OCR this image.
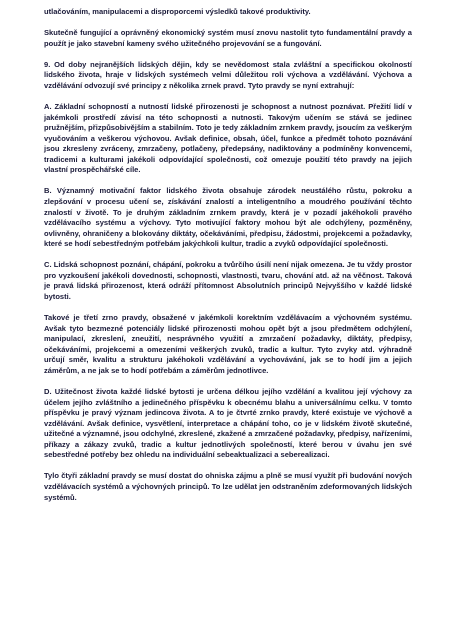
utlačováním, manipulacemi a disproporcemi výsledků takové produktivity.

Skutečně fungující a oprávněný ekonomický systém musí znovu nastolit tyto fundamentální pravdy a použít je jako stavební kameny svého užitečného projevování se a fungování.

9. Od doby nejranějších lidských dějin, kdy se nevědomost stala zvláštní a specifickou okolností lidského života, hraje v lidských systémech velmi důležitou roli výchova a vzdělávání. Výchova a vzdělávání odvozují své principy z několika zrnek pravd. Tyto pravdy se nyní extrahují:

A. Základní schopností a nutností lidské přirozenosti je schopnost a nutnost poznávat. Přežití lidí v jakémkoli prostředí závisí na této schopnosti a nutnosti. Takovým učením se stává se jedinec pružnějším, přizpůsobivějším a stabilním. Toto je tedy základním zrnkem pravdy, jsoucím za veškerým vyučováním a veškerou výchovou. Avšak definice, obsah, účel, funkce a předmět tohoto poznávání jsou zkresleny zvráceny, zmrzačeny, potlačeny, předepsány, nadiktovány a podmíněny konvencemi, tradicemi a kulturami jakékoli odpovídající společnosti, což omezuje použití této pravdy na jejich vlastní prospěchářské cíle.

B. Významný motivační faktor lidského života obsahuje zárodek neustálého růstu, pokroku a zlepšování v procesu učení se, získávání znalostí a inteligentního a moudrého používání těchto znalostí v životě. To je druhým základním zrnkem pravdy, která je v pozadí jakéhokoli pravého vzdělávacího systému a výchovy. Tyto motivující faktory mohou být ale odchýleny, pozměněny, ovlivněny, ohraničeny a blokovány diktáty, očekáváními, předpisu, žádostmi, projekcemi a požadavky, které se hodí sebestředným potřebám jakýchkoli kultur, tradic a zvyků odpovídající společnosti.

C. Lidská schopnost poznání, chápání, pokroku a tvůrčího úsilí není nijak omezena. Je tu vždy prostor pro vyzkoušení jakékoli dovednosti, schopnosti, vlastnosti, tvaru, chování atd. až na věčnost. Taková je pravá lidská přirozenost, která odráží přítomnost Absolutních principů Nejvyššího v každé lidské bytosti.

Takové je třetí zrno pravdy, obsažené v jakémkoli korektním vzdělávacím a výchovném systému. Avšak tyto bezmezné potenciály lidské přirozenosti mohou opět být a jsou předmětem odchýlení, manipulací, zkreslení, zneužití, nesprávného využití a zmrzačení požadavky, diktáty, předpisy, očekáváními, projekcemi a omezeními veškerých zvuků, tradic a kultur. Tyto zvyky atd. výhradně určují směr, kvalitu a strukturu jakéhokoli vzdělávání a vychovávání, jak se to hodí jim a jejich záměrům, a ne jak se to hodí potřebám a záměrům jednotlivce.

D. Užitečnost života každé lidské bytosti je určena délkou jejího vzdělání a kvalitou její výchovy za účelem jejího zvláštního a jedinečného příspěvku k obecnému blahu a universálnímu celku. V tomto příspěvku je pravý význam jedincova života. A to je čtvrté zrnko pravdy, které existuje ve výchově a vzdělávání. Avšak definice, vysvětlení, interpretace a chápání toho, co je v lidském životě skutečné, užitečné a významné, jsou odchylné, zkreslené, zkažené a zmrzačené požadavky, předpisy, nařízeními, příkazy a zákazy zvuků, tradic a kultur jednotlivých společností, které berou v úvahu jen své sebestředné potřeby bez ohledu na individuální sebeaktualizaci a seberealizaci.

Tylo čtyři základní pravdy se musí dostat do ohniska zájmu a plně se musí využít při budování nových vzdělávacích systémů a výchovných principů. To lze udělat jen odstraněním zdeformovaných lidských systémů.
